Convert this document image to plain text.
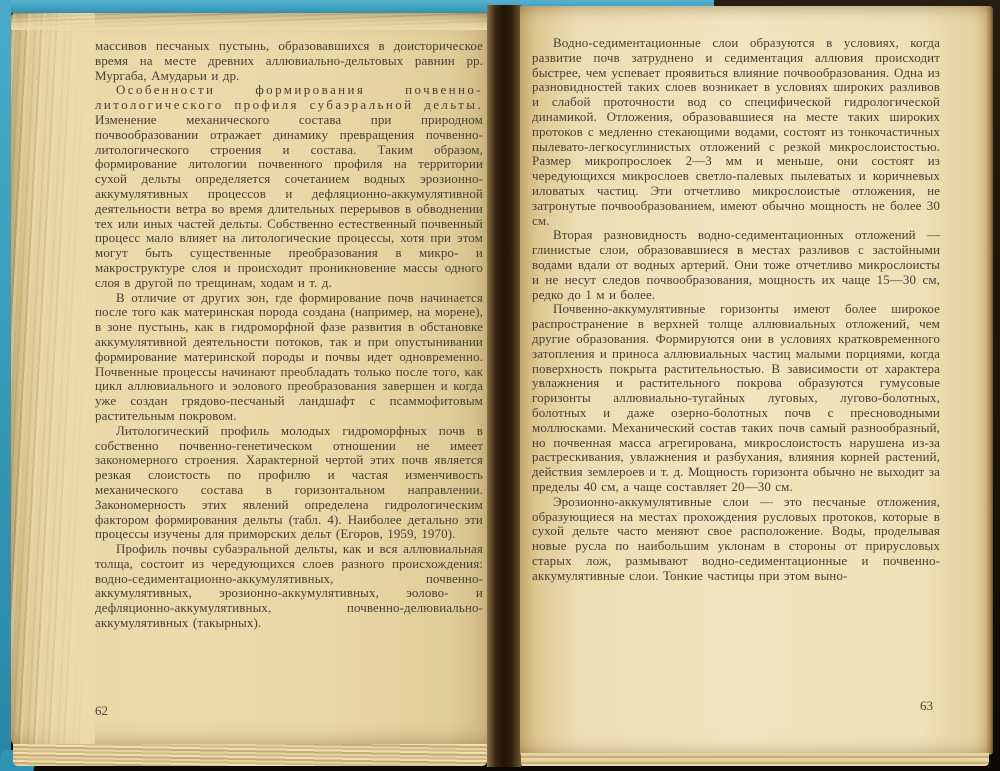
массивов песчаных пустынь, образовавшихся в доисторическое время на месте древних аллювиально-дельтовых равнин рр. Мургаба, Амударьи и др.

Особенности формирования почвенно-литологического профиля субаэральной дельты. Изменение механического состава при природном почвообразовании отражает динамику превращения почвенно-литологического строения и состава. Таким образом, формирование литологии почвенного профиля на территории сухой дельты определяется сочетанием водных эрозионно-аккумулятивных процессов и дефляционно-аккумулятивной деятельности ветра во время длительных перерывов в обводнении тех или иных частей дельты. Собственно естественный почвенный процесс мало влияет на литологические процессы, хотя при этом могут быть существенные преобразования в микро- и макроструктуре слоя и происходит проникновение массы одного слоя в другой по трещинам, ходам и т. д.

В отличие от других зон, где формирование почв начинается после того как материнская порода создана (например, на морене), в зоне пустынь, как в гидроморфной фазе развития в обстановке аккумулятивной деятельности потоков, так и при опустынивании формирование материнской породы и почвы идет одновременно. Почвенные процессы начинают преобладать только после того, как цикл аллювиального и эолового преобразования завершен и когда уже создан грядово-песчаный ландшафт с псаммофитовым растительным покровом.

Литологический профиль молодых гидроморфных почв в собственно почвенно-генетическом отношении не имеет закономерного строения. Характерной чертой этих почв является резкая слоистость по профилю и частая изменчивость механического состава в горизонтальном направлении. Закономерность этих явлений определена гидрологическим фактором формирования дельты (табл. 4). Наиболее детально эти процессы изучены для приморских дельт (Егоров, 1959, 1970).

Профиль почвы субаэральной дельты, как и вся аллювиальная толща, состоит из чередующихся слоев разного происхождения: водно-седиментационно-аккумулятивных, почвенно-аккумулятивных, эрозионно-аккумулятивных, эолово- и дефляционно-аккумулятивных, почвенно-делювиально-аккумулятивных (такырных).

62

Водно-седиментационные слои образуются в условиях, когда развитие почв затруднено и седиментация аллювия происходит быстрее, чем успевает проявиться влияние почвообразования. Одна из разновидностей таких слоев возникает в условиях широких разливов и слабой проточности вод со специфической гидрологической динамикой. Отложения, образовавшиеся на месте таких широких протоков с медленно стекающими водами, состоят из тонкочастичных пылевато-легкосуглинистых отложений с резкой микрослоистостью. Размер микропрослоек 2—3 мм и меньше, они состоят из чередующихся микрослоев светло-палевых пылеватых и коричневых иловатых частиц. Эти отчетливо микрослоистые отложения, не затронутые почвообразованием, имеют обычно мощность не более 30 см.

Вторая разновидность водно-седиментационных отложений — глинистые слои, образовавшиеся в местах разливов с застойными водами вдали от водных артерий. Они тоже отчетливо микрослоисты и не несут следов почвообразования, мощность их чаще 15—30 см, редко до 1 м и более.

Почвенно-аккумулятивные горизонты имеют более широкое распространение в верхней толще аллювиальных отложений, чем другие образования. Формируются они в условиях кратковременного затопления и приноса аллювиальных частиц малыми порциями, когда поверхность покрыта растительностью. В зависимости от характера увлажнения и растительного покрова образуются гумусовые горизонты аллювиально-тугайных луговых, лугово-болотных, болотных и даже озерно-болотных почв с пресноводными моллюсками. Механический состав таких почв самый разнообразный, но почвенная масса агрегирована, микрослоистость нарушена из-за растрескивания, увлажнения и разбухания, влияния корней растений, действия землероев и т. д. Мощность горизонта обычно не выходит за пределы 40 см, а чаще составляет 20—30 см.

Эрозионно-аккумулятивные слои — это песчаные отложения, образующиеся на местах прохождения русловых протоков, которые в сухой дельте часто меняют свое расположение. Воды, проделывая новые русла по наибольшим уклонам в стороны от прирусловых старых лож, размывают водно-седиментационные и почвенно-аккумулятивные слои. Тонкие частицы при этом выно-

63
